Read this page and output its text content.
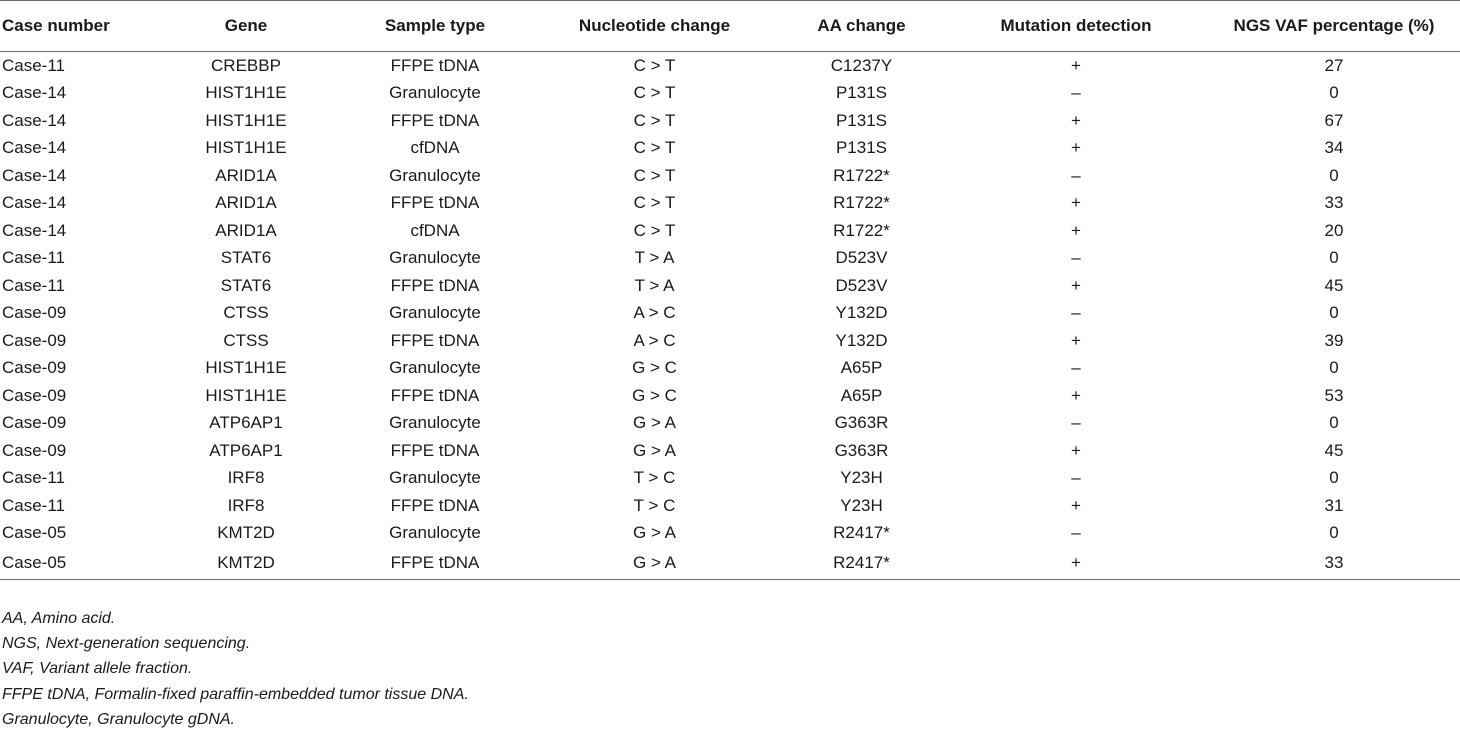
Case number	Gene	Sample type	Nucleotide change	AA change	Mutation detection	NGS VAF percentage (%)
Case-11	CREBBP	FFPE tDNA	C > T	C1237Y	+	27
Case-14	HIST1H1E	Granulocyte	C > T	P131S	–	0
Case-14	HIST1H1E	FFPE tDNA	C > T	P131S	+	67
Case-14	HIST1H1E	cfDNA	C > T	P131S	+	34
Case-14	ARID1A	Granulocyte	C > T	R1722*	–	0
Case-14	ARID1A	FFPE tDNA	C > T	R1722*	+	33
Case-14	ARID1A	cfDNA	C > T	R1722*	+	20
Case-11	STAT6	Granulocyte	T > A	D523V	–	0
Case-11	STAT6	FFPE tDNA	T > A	D523V	+	45
Case-09	CTSS	Granulocyte	A > C	Y132D	–	0
Case-09	CTSS	FFPE tDNA	A > C	Y132D	+	39
Case-09	HIST1H1E	Granulocyte	G > C	A65P	–	0
Case-09	HIST1H1E	FFPE tDNA	G > C	A65P	+	53
Case-09	ATP6AP1	Granulocyte	G > A	G363R	–	0
Case-09	ATP6AP1	FFPE tDNA	G > A	G363R	+	45
Case-11	IRF8	Granulocyte	T > C	Y23H	–	0
Case-11	IRF8	FFPE tDNA	T > C	Y23H	+	31
Case-05	KMT2D	Granulocyte	G > A	R2417*	–	0
Case-05	KMT2D	FFPE tDNA	G > A	R2417*	+	33
AA, Amino acid.
NGS, Next-generation sequencing.
VAF, Variant allele fraction.
FFPE tDNA, Formalin-fixed paraffin-embedded tumor tissue DNA.
Granulocyte, Granulocyte gDNA.
